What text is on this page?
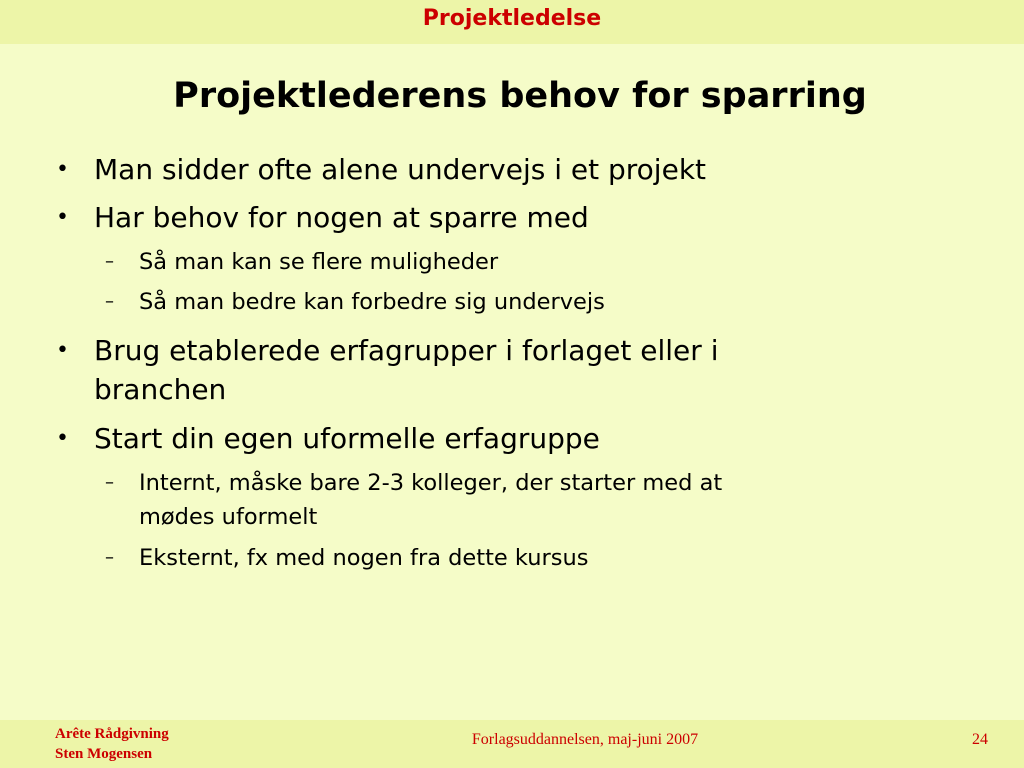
Projektledelse
Projektlederens behov for sparring
• Man sidder ofte alene undervejs i et projekt
• Har behov for nogen at sparre med
– Så man kan se flere muligheder
– Så man bedre kan forbedre sig undervejs
• Brug etablerede erfagrupper i forlaget eller i
branchen
• Start din egen uformelle erfagruppe
– Internt, måske bare 2-3 kolleger, der starter med at
mødes uformelt
– Eksternt, fx med nogen fra dette kursus
Arête Rådgivning
Sten Mogensen
Forlagsuddannelsen, maj-juni 2007	24
